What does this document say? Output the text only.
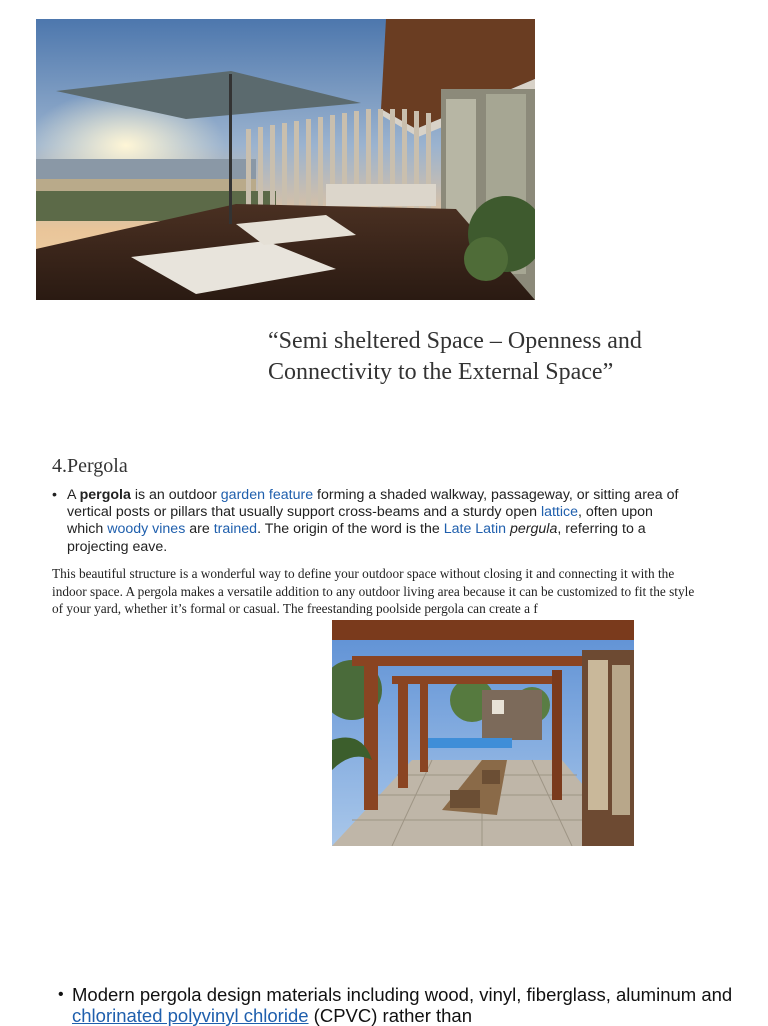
“Semi sheltered Space – Openness and
Connectivity to the External Space”
4.Pergola
• A pergola is an outdoor garden feature forming a shaded walkway, passageway, or sitting area of vertical posts or pillars that usually support cross-beams and a sturdy open lattice, often upon which woody vines are trained. The origin of the word is the Late Latin pergula, referring to a projecting eave.
This beautiful structure is a wonderful way to define your outdoor space without closing it and connecting it with the indoor space. A pergola makes a versatile addition to any outdoor living area because it can be customized to fit the style of your yard, whether it’s formal or casual. The freestanding poolside pergola can create a f
• Modern pergola design materials including wood, vinyl, fiberglass, aluminum and chlorinated polyvinyl chloride (CPVC) rather than
